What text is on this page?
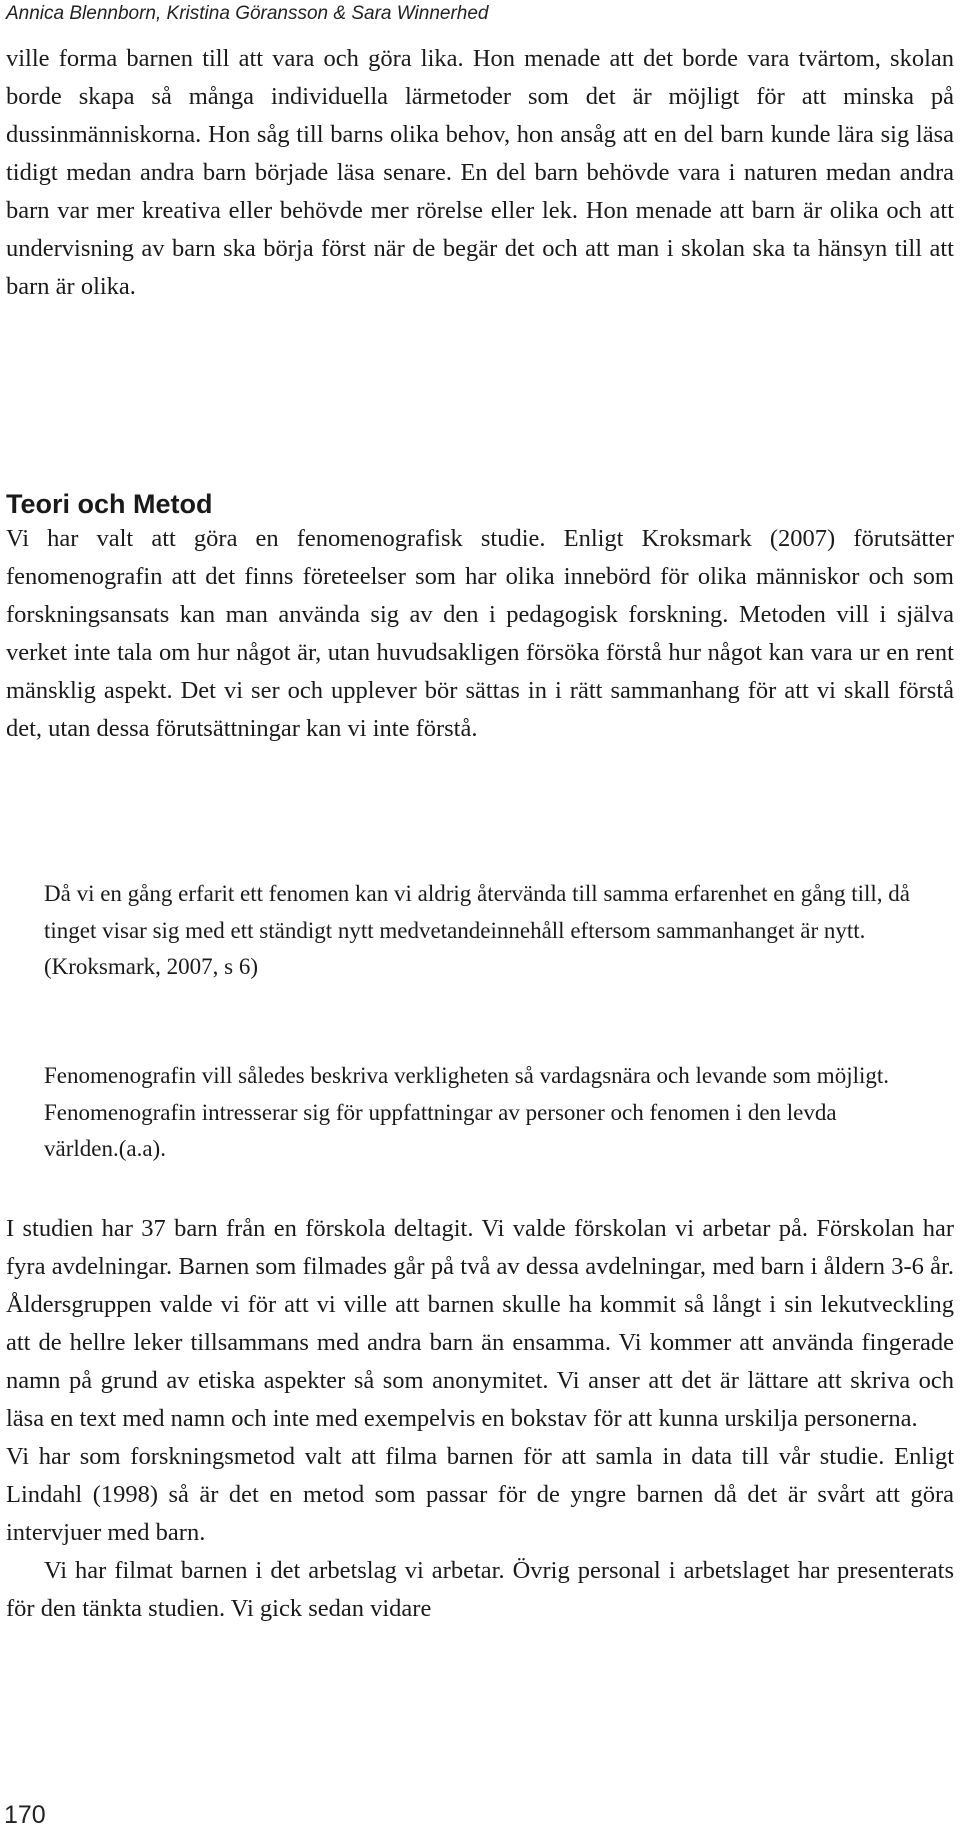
Annica Blennborn, Kristina Göransson & Sara Winnerhed

ville forma barnen till att vara och göra lika. Hon menade att det borde vara tvärtom, skolan borde skapa så många individuella lärmetoder som det är möjligt för att minska på dussinmänniskorna. Hon såg till barns olika behov, hon ansåg att en del barn kunde lära sig läsa tidigt medan andra barn började läsa senare. En del barn behövde vara i naturen medan andra barn var mer kreativa eller behövde mer rörelse eller lek. Hon menade att barn är olika och att undervisning av barn ska börja först när de begär det och att man i skolan ska ta hänsyn till att barn är olika.

Teori och Metod

Vi har valt att göra en fenomenografisk studie. Enligt Kroksmark (2007) förutsätter fenomenografin att det finns företeelser som har olika innebörd för olika människor och som forskningsansats kan man använda sig av den i pedagogisk forskning. Metoden vill i själva verket inte tala om hur något är, utan huvudsakligen försöka förstå hur något kan vara ur en rent mänsklig aspekt. Det vi ser och upplever bör sättas in i rätt sammanhang för att vi skall förstå det, utan dessa förutsättningar kan vi inte förstå.

Då vi en gång erfarit ett fenomen kan vi aldrig återvända till samma erfarenhet en gång till, då tinget visar sig med ett ständigt nytt medvetandeinnehåll eftersom sammanhanget är nytt. (Kroksmark, 2007, s 6)

Fenomenografin vill således beskriva verkligheten så vardagsnära och levande som möjligt. Fenomenografin intresserar sig för uppfattningar av personer och fenomen i den levda världen.(a.a).

I studien har 37 barn från en förskola deltagit. Vi valde förskolan vi arbetar på. Förskolan har fyra avdelningar. Barnen som filmades går på två av dessa avdelningar, med barn i åldern 3-6 år. Åldersgruppen valde vi för att vi ville att barnen skulle ha kommit så långt i sin lekutveckling att de hellre leker tillsammans med andra barn än ensamma. Vi kommer att använda fingerade namn på grund av etiska aspekter så som anonymitet. Vi anser att det är lättare att skriva och läsa en text med namn och inte med exempelvis en bokstav för att kunna urskilja personerna.

Vi har som forskningsmetod valt att filma barnen för att samla in data till vår studie. Enligt Lindahl (1998) så är det en metod som passar för de yngre barnen då det är svårt att göra intervjuer med barn.

Vi har filmat barnen i det arbetslag vi arbetar. Övrig personal i arbetslaget har presenterats för den tänkta studien. Vi gick sedan vidare

170
